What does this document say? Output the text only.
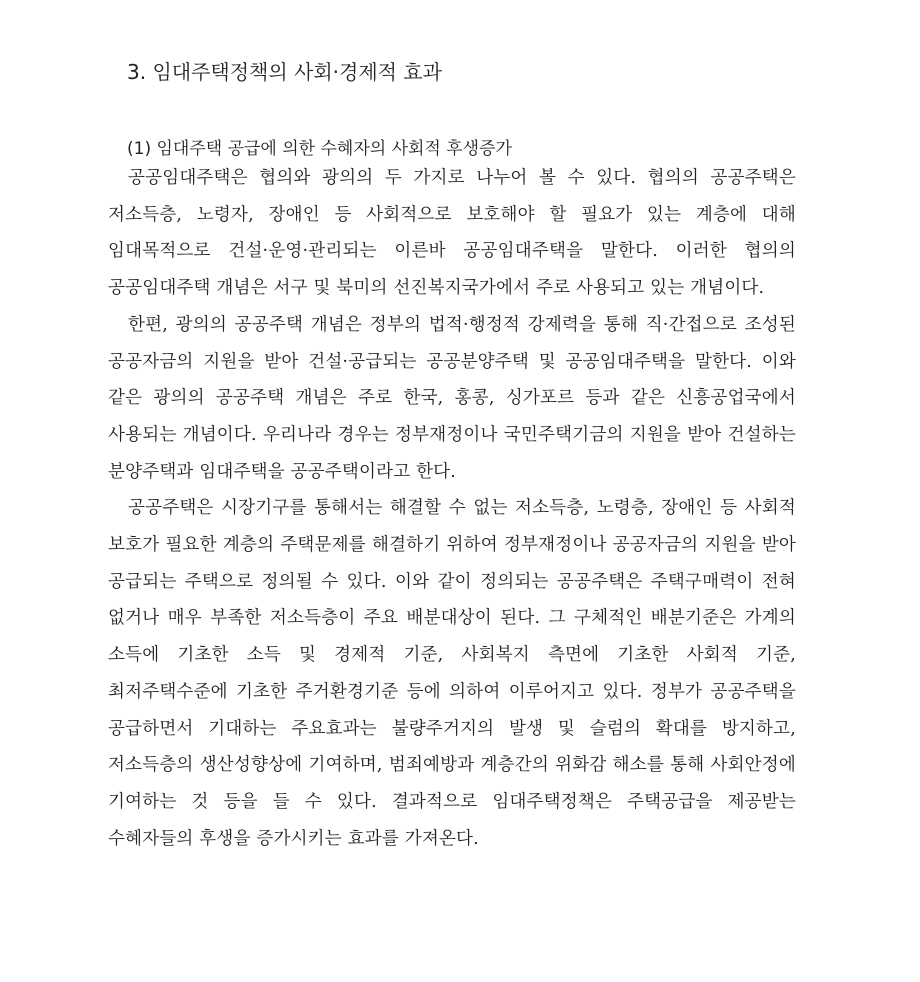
3. 임대주택정책의 사회·경제적 효과
(1) 임대주택 공급에 의한 수혜자의 사회적 후생증가

공공임대주택은 협의와 광의의 두 가지로 나누어 볼 수 있다. 협의의 공공주택은 저소득층, 노령자, 장애인 등 사회적으로 보호해야 할 필요가 있는 계층에 대해 임대목적으로 건설·운영·관리되는 이른바 공공임대주택을 말한다. 이러한 협의의 공공임대주택 개념은 서구 및 북미의 선진복지국가에서 주로 사용되고 있는 개념이다.

한편, 광의의 공공주택 개념은 정부의 법적·행정적 강제력을 통해 직·간접으로 조성된 공공자금의 지원을 받아 건설·공급되는 공공분양주택 및 공공임대주택을 말한다. 이와 같은 광의의 공공주택 개념은 주로 한국, 홍콩, 싱가포르 등과 같은 신흥공업국에서 사용되는 개념이다. 우리나라 경우는 정부재정이나 국민주택기금의 지원을 받아 건설하는 분양주택과 임대주택을 공공주택이라고 한다.

공공주택은 시장기구를 통해서는 해결할 수 없는 저소득층, 노령층, 장애인 등 사회적 보호가 필요한 계층의 주택문제를 해결하기 위하여 정부재정이나 공공자금의 지원을 받아 공급되는 주택으로 정의될 수 있다. 이와 같이 정의되는 공공주택은 주택구매력이 전혀 없거나 매우 부족한 저소득층이 주요 배분대상이 된다. 그 구체적인 배분기준은 가계의 소득에 기초한 소득 및 경제적 기준, 사회복지 측면에 기초한 사회적 기준, 최저주택수준에 기초한 주거환경기준 등에 의하여 이루어지고 있다. 정부가 공공주택을 공급하면서 기대하는 주요효과는 불량주거지의 발생 및 슬럼의 확대를 방지하고, 저소득층의 생산성향상에 기여하며, 범죄예방과 계층간의 위화감 해소를 통해 사회안정에 기여하는 것 등을 들 수 있다. 결과적으로 임대주택정책은 주택공급을 제공받는 수혜자들의 후생을 증가시키는 효과를 가져온다.
